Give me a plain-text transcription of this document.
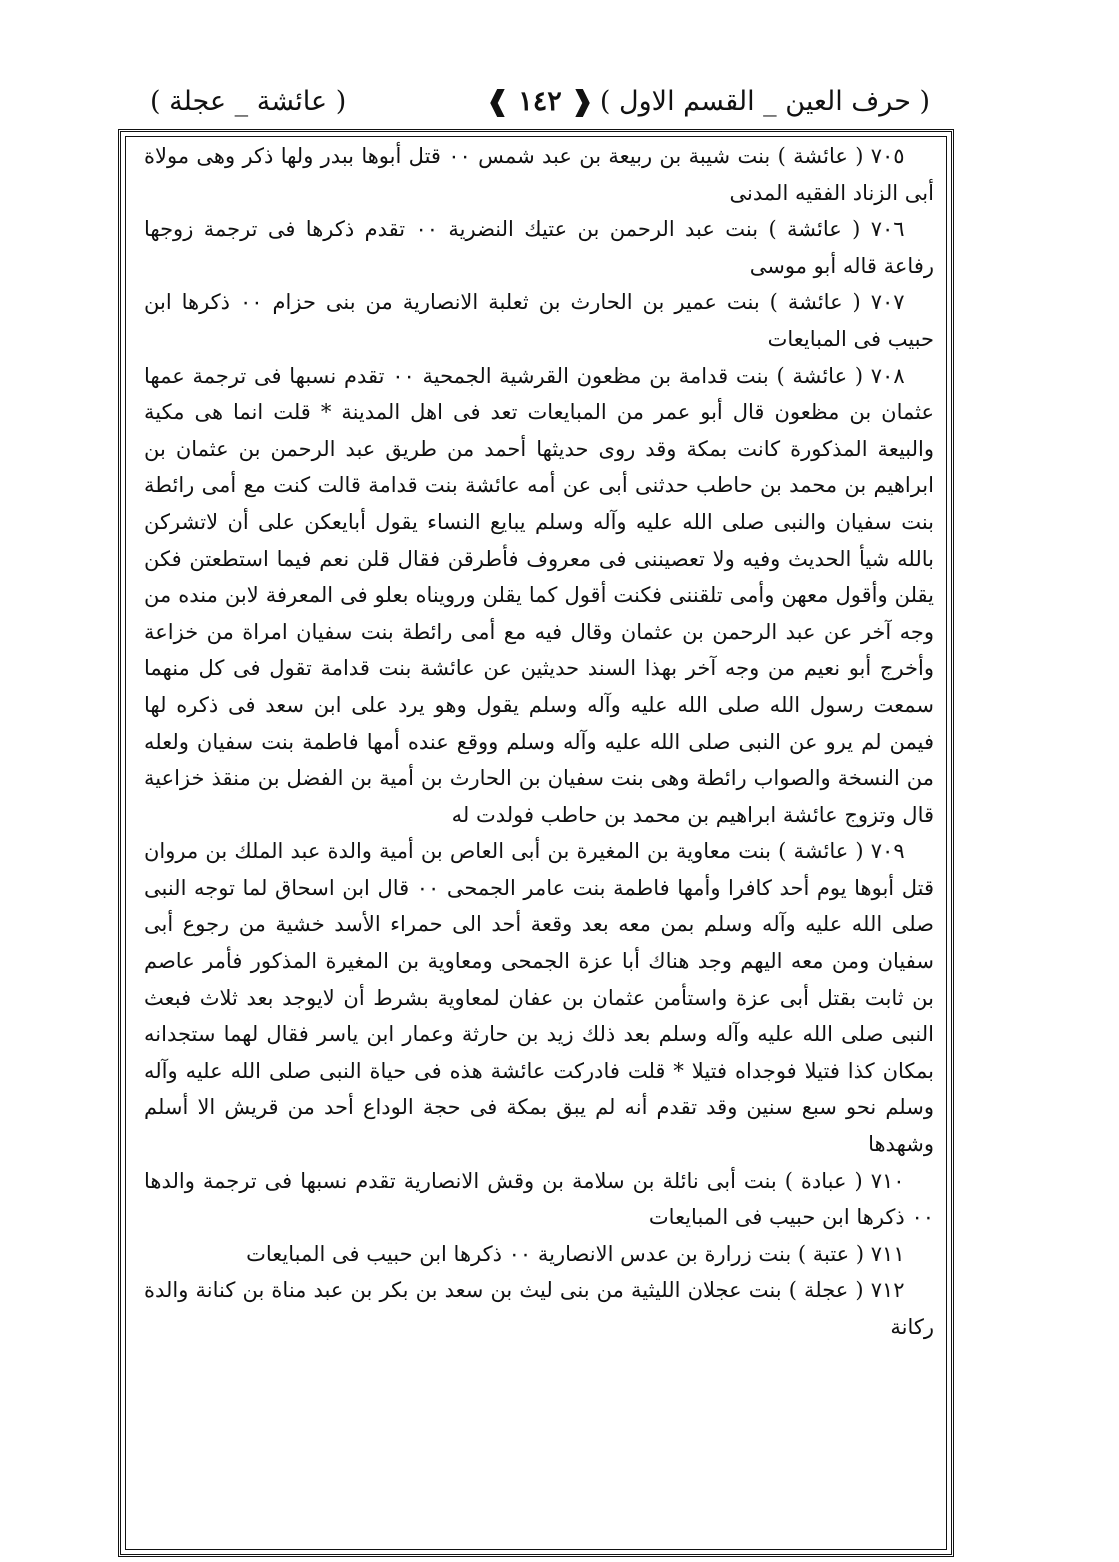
( حرف العين _ القسم الاول )
❰ ١٤٢ ❱
( عائشة _ عجلة )

٧٠٥ ( عائشة ) بنت شيبة بن ربيعة بن عبد شمس ٠٠ قتل أبوها ببدر ولها ذكر وهى مولاة أبى الزناد الفقيه المدنى

٧٠٦ ( عائشة ) بنت عبد الرحمن بن عتيك النضرية ٠٠ تقدم ذكرها فى ترجمة زوجها رفاعة قاله أبو موسى

٧٠٧ ( عائشة ) بنت عمير بن الحارث بن ثعلبة الانصارية من بنى حزام ٠٠ ذكرها ابن حبيب فى المبايعات

٧٠٨ ( عائشة ) بنت قدامة بن مظعون القرشية الجمحية ٠٠ تقدم نسبها فى ترجمة عمها عثمان بن مظعون قال أبو عمر من المبايعات تعد فى اهل المدينة * قلت انما هى مكية والبيعة المذكورة كانت بمكة وقد روى حديثها أحمد من طريق عبد الرحمن بن عثمان بن ابراهيم بن محمد بن حاطب حدثنى أبى عن أمه عائشة بنت قدامة قالت كنت مع أمى رائطة بنت سفيان والنبى صلى الله عليه وآله وسلم يبايع النساء يقول أبايعكن على أن لاتشركن بالله شيأ الحديث وفيه ولا تعصيننى فى معروف فأطرقن فقال قلن نعم فيما استطعتن فكن يقلن وأقول معهن وأمى تلقننى فكنت أقول كما يقلن ورويناه بعلو فى المعرفة لابن منده من وجه آخر عن عبد الرحمن بن عثمان وقال فيه مع أمى رائطة بنت سفيان امراة من خزاعة وأخرج أبو نعيم من وجه آخر بهذا السند حديثين عن عائشة بنت قدامة تقول فى كل منهما سمعت رسول الله صلى الله عليه وآله وسلم يقول وهو يرد على ابن سعد فى ذكره لها فيمن لم يرو عن النبى صلى الله عليه وآله وسلم ووقع عنده أمها فاطمة بنت سفيان ولعله من النسخة والصواب رائطة وهى بنت سفيان بن الحارث بن أمية بن الفضل بن منقذ خزاعية قال وتزوج عائشة ابراهيم بن محمد بن حاطب فولدت له

٧٠٩ ( عائشة ) بنت معاوية بن المغيرة بن أبى العاص بن أمية والدة عبد الملك بن مروان قتل أبوها يوم أحد كافرا وأمها فاطمة بنت عامر الجمحى ٠٠ قال ابن اسحاق لما توجه النبى صلى الله عليه وآله وسلم بمن معه بعد وقعة أحد الى حمراء الأسد خشية من رجوع أبى سفيان ومن معه اليهم وجد هناك أبا عزة الجمحى ومعاوية بن المغيرة المذكور فأمر عاصم بن ثابت بقتل أبى عزة واستأمن عثمان بن عفان لمعاوية بشرط أن لايوجد بعد ثلاث فبعث النبى صلى الله عليه وآله وسلم بعد ذلك زيد بن حارثة وعمار ابن ياسر فقال لهما ستجدانه بمكان كذا فتيلا فوجداه فتيلا * قلت فادركت عائشة هذه فى حياة النبى صلى الله عليه وآله وسلم نحو سبع سنين وقد تقدم أنه لم يبق بمكة فى حجة الوداع أحد من قريش الا أسلم وشهدها

٧١٠ ( عبادة ) بنت أبى نائلة بن سلامة بن وقش الانصارية تقدم نسبها فى ترجمة والدها ٠٠ ذكرها ابن حبيب فى المبايعات

٧١١ ( عتبة ) بنت زرارة بن عدس الانصارية ٠٠ ذكرها ابن حبيب فى المبايعات

٧١٢ ( عجلة ) بنت عجلان الليثية من بنى ليث بن سعد بن بكر بن عبد مناة بن كنانة والدة ركانة
